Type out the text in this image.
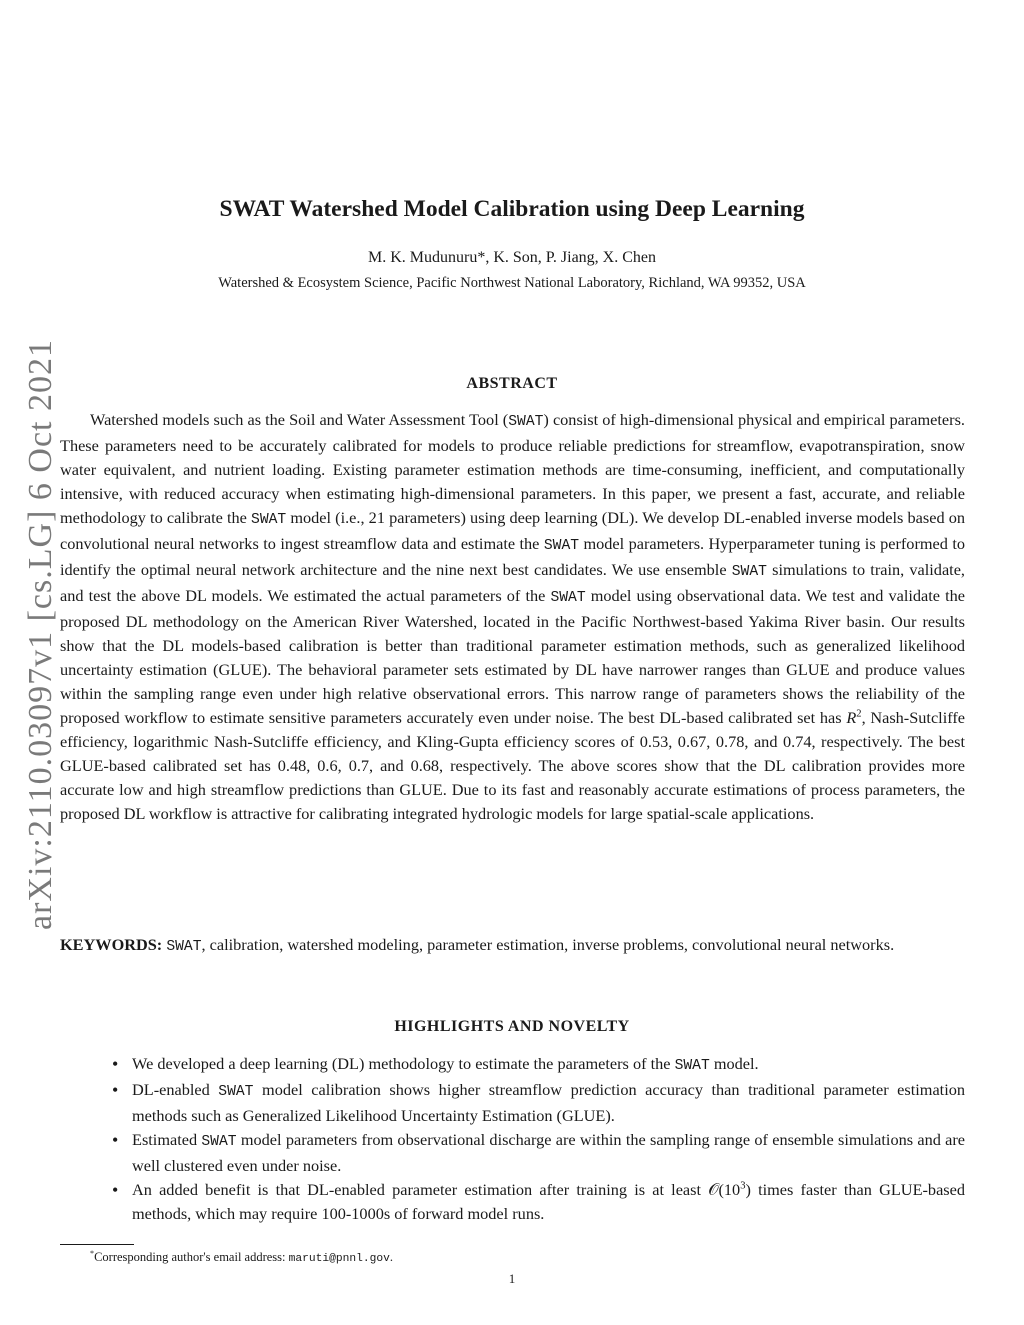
arXiv:2110.03097v1 [cs.LG] 6 Oct 2021
SWAT Watershed Model Calibration using Deep Learning
M. K. Mudunuru*, K. Son, P. Jiang, X. Chen
Watershed & Ecosystem Science, Pacific Northwest National Laboratory, Richland, WA 99352, USA
ABSTRACT
Watershed models such as the Soil and Water Assessment Tool (SWAT) consist of high-dimensional physical and empirical parameters. These parameters need to be accurately calibrated for models to produce reliable predictions for streamflow, evapotranspiration, snow water equivalent, and nutrient loading. Existing parameter estimation methods are time-consuming, inefficient, and computationally intensive, with reduced accuracy when estimating high-dimensional parameters. In this paper, we present a fast, accurate, and reliable methodology to calibrate the SWAT model (i.e., 21 parameters) using deep learning (DL). We develop DL-enabled inverse models based on convolutional neural networks to ingest streamflow data and estimate the SWAT model parameters. Hyperparameter tuning is performed to identify the optimal neural network architecture and the nine next best candidates. We use ensemble SWAT simulations to train, validate, and test the above DL models. We estimated the actual parameters of the SWAT model using observational data. We test and validate the proposed DL methodology on the American River Watershed, located in the Pacific Northwest-based Yakima River basin. Our results show that the DL models-based calibration is better than traditional parameter estimation methods, such as generalized likelihood uncertainty estimation (GLUE). The behavioral parameter sets estimated by DL have narrower ranges than GLUE and produce values within the sampling range even under high relative observational errors. This narrow range of parameters shows the reliability of the proposed workflow to estimate sensitive parameters accurately even under noise. The best DL-based calibrated set has $R^2$, Nash-Sutcliffe efficiency, logarithmic Nash-Sutcliffe efficiency, and Kling-Gupta efficiency scores of 0.53, 0.67, 0.78, and 0.74, respectively. The best GLUE-based calibrated set has 0.48, 0.6, 0.7, and 0.68, respectively. The above scores show that the DL calibration provides more accurate low and high streamflow predictions than GLUE. Due to its fast and reasonably accurate estimations of process parameters, the proposed DL workflow is attractive for calibrating integrated hydrologic models for large spatial-scale applications.
KEYWORDS: SWAT, calibration, watershed modeling, parameter estimation, inverse problems, convolutional neural networks.
HIGHLIGHTS AND NOVELTY
• We developed a deep learning (DL) methodology to estimate the parameters of the SWAT model.
• DL-enabled SWAT model calibration shows higher streamflow prediction accuracy than traditional parameter estimation methods such as Generalized Likelihood Uncertainty Estimation (GLUE).
• Estimated SWAT model parameters from observational discharge are within the sampling range of ensemble simulations and are well clustered even under noise.
• An added benefit is that DL-enabled parameter estimation after training is at least $𝒪(10^3)$ times faster than GLUE-based methods, which may require 100-1000s of forward model runs.
*Corresponding author's email address: maruti@pnnl.gov.
1
